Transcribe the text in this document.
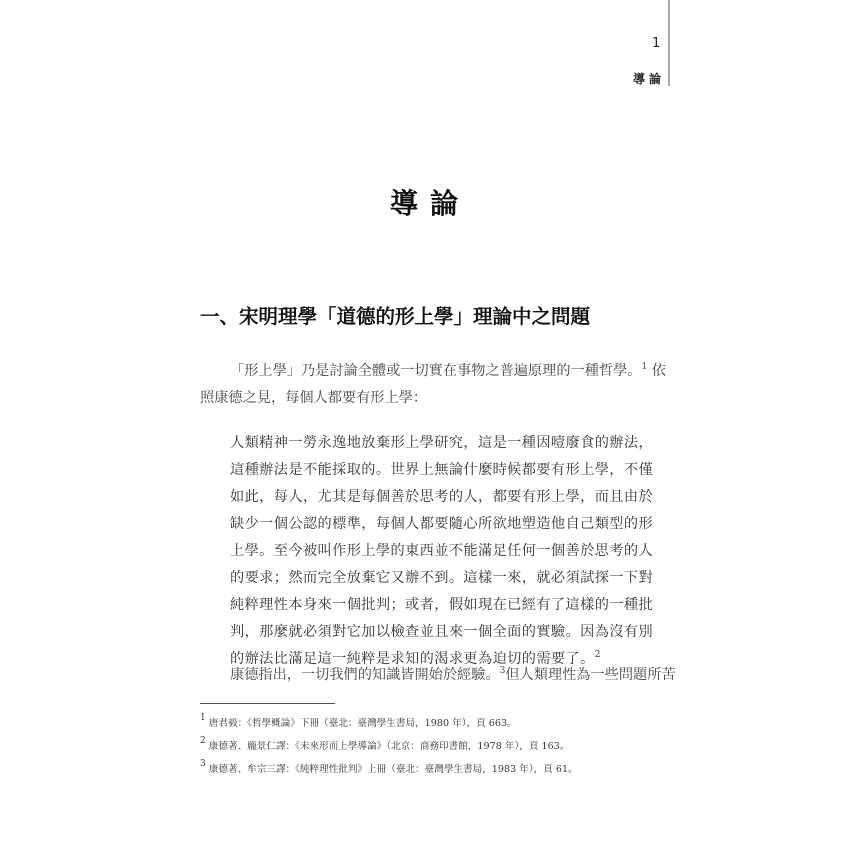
1
導論
導論
一、宋明理學「道德的形上學」理論中之問題
「形上學」乃是討論全體或一切實在事物之普遍原理的一種哲學。$^1$ 依
照康德之見，每個人都要有形上學：
人類精神一勞永逸地放棄形上學研究，這是一種因噎廢食的辦法，
這種辦法是不能採取的。世界上無論什麼時候都要有形上學，不僅
如此，每人，尤其是每個善於思考的人，都要有形上學，而且由於
缺少一個公認的標準，每個人都要隨心所欲地塑造他自己類型的形
上學。至今被叫作形上學的東西並不能滿足任何一個善於思考的人
的要求；然而完全放棄它又辦不到。這樣一來，就必須試探一下對
純粹理性本身來一個批判；或者，假如現在已經有了這樣的一種批
判，那麼就必須對它加以檢查並且來一個全面的實驗。因為沒有別
的辦法比滿足這一純粹是求知的渴求更為迫切的需要了。$^2$
康德指出，一切我們的知識皆開始於經驗。$^3$但人類理性為一些問題所苦
$^1$ 唐君毅：《哲學概論》下冊（臺北：臺灣學生書局，1980 年），頁 663。
$^2$ 康德著、龐景仁譯：《未來形而上學導論》（北京：商務印書館，1978 年），頁 163。
$^3$ 康德著、牟宗三譯：《純粹理性批判》上冊（臺北：臺灣學生書局，1983 年），頁 61。
